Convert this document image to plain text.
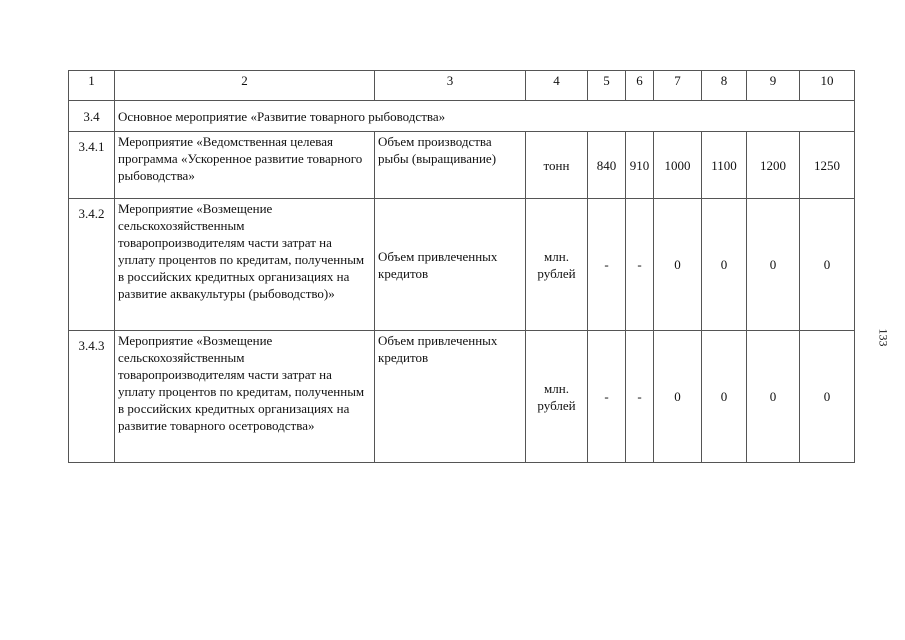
1	2	3	4	5	6	7	8	9	10
3.4	Основное мероприятие «Развитие товарного рыбоводства»								
3.4.1	Мероприятие «Ведомственная целевая программа «Ускоренное развитие товарного рыбоводства»	Объем производства рыбы (выращивание)	тонн	840	910	1000	1100	1200	1250
3.4.2	Мероприятие «Возмещение сельскохозяйственным товаропроизводителям части затрат на уплату процентов по кредитам, полученным в российских кредитных организациях на развитие аквакультуры (рыбоводство)»	Объем привлеченных кредитов	млн. рублей	-	-	0	0	0	0
3.4.3	Мероприятие «Возмещение сельскохозяйственным товаропроизводителям части затрат на уплату процентов по кредитам, полученным в российских кредитных организациях на развитие товарного осетроводства»	Объем привлеченных кредитов	млн. рублей	-	-	0	0	0	0
133
